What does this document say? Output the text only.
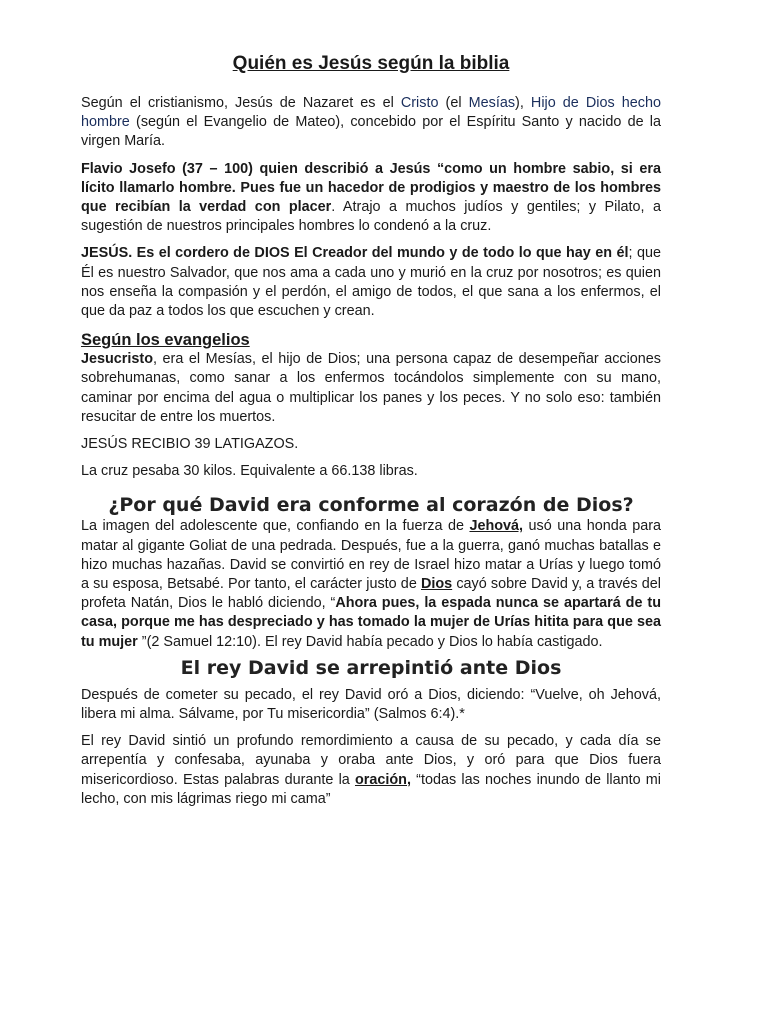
Quién es Jesús según la biblia

Según el cristianismo, Jesús de Nazaret es el Cristo (el Mesías), Hijo de Dios hecho hombre (según el Evangelio de Mateo), concebido por el Espíritu Santo y nacido de la virgen María.

Flavio Josefo (37 – 100) quien describió a Jesús “como un hombre sabio, si era lícito llamarlo hombre. Pues fue un hacedor de prodigios y maestro de los hombres que recibían la verdad con placer. Atrajo a muchos judíos y gentiles; y Pilato, a sugestión de nuestros principales hombres lo condenó a la cruz.

JESÚS. Es el cordero de DIOS El Creador del mundo y de todo lo que hay en él; que Él es nuestro Salvador, que nos ama a cada uno y murió en la cruz por nosotros; es quien nos enseña la compasión y el perdón, el amigo de todos, el que sana a los enfermos, el que da paz a todos los que escuchen y crean.

Según los evangelios

Jesucristo, era el Mesías, el hijo de Dios; una persona capaz de desempeñar acciones sobrehumanas, como sanar a los enfermos tocándolos simplemente con su mano, caminar por encima del agua o multiplicar los panes y los peces. Y no solo eso: también resucitar de entre los muertos.

JESÚS RECIBIO 39 LATIGAZOS.

La cruz pesaba 30 kilos. Equivalente a 66.138 libras.

¿Por qué David era conforme al corazón de Dios?

La imagen del adolescente que, confiando en la fuerza de Jehová, usó una honda para matar al gigante Goliat de una pedrada. Después, fue a la guerra, ganó muchas batallas e hizo muchas hazañas. David se convirtió en rey de Israel hizo matar a Urías y luego tomó a su esposa, Betsabé. Por tanto, el carácter justo de Dios cayó sobre David y, a través del profeta Natán, Dios le habló diciendo, “Ahora pues, la espada nunca se apartará de tu casa, porque me has despreciado y has tomado la mujer de Urías hitita para que sea tu mujer ”(2 Samuel 12:10). El rey David había pecado y Dios lo había castigado.

El rey David se arrepintió ante Dios

Después de cometer su pecado, el rey David oró a Dios, diciendo: “Vuelve, oh Jehová, libera mi alma. Sálvame, por Tu misericordia” (Salmos 6:4).*

El rey David sintió un profundo remordimiento a causa de su pecado, y cada día se arrepentía y confesaba, ayunaba y oraba ante Dios, y oró para que Dios fuera misericordioso. Estas palabras durante la oración, “todas las noches inundo de llanto mi lecho, con mis lágrimas riego mi cama”
